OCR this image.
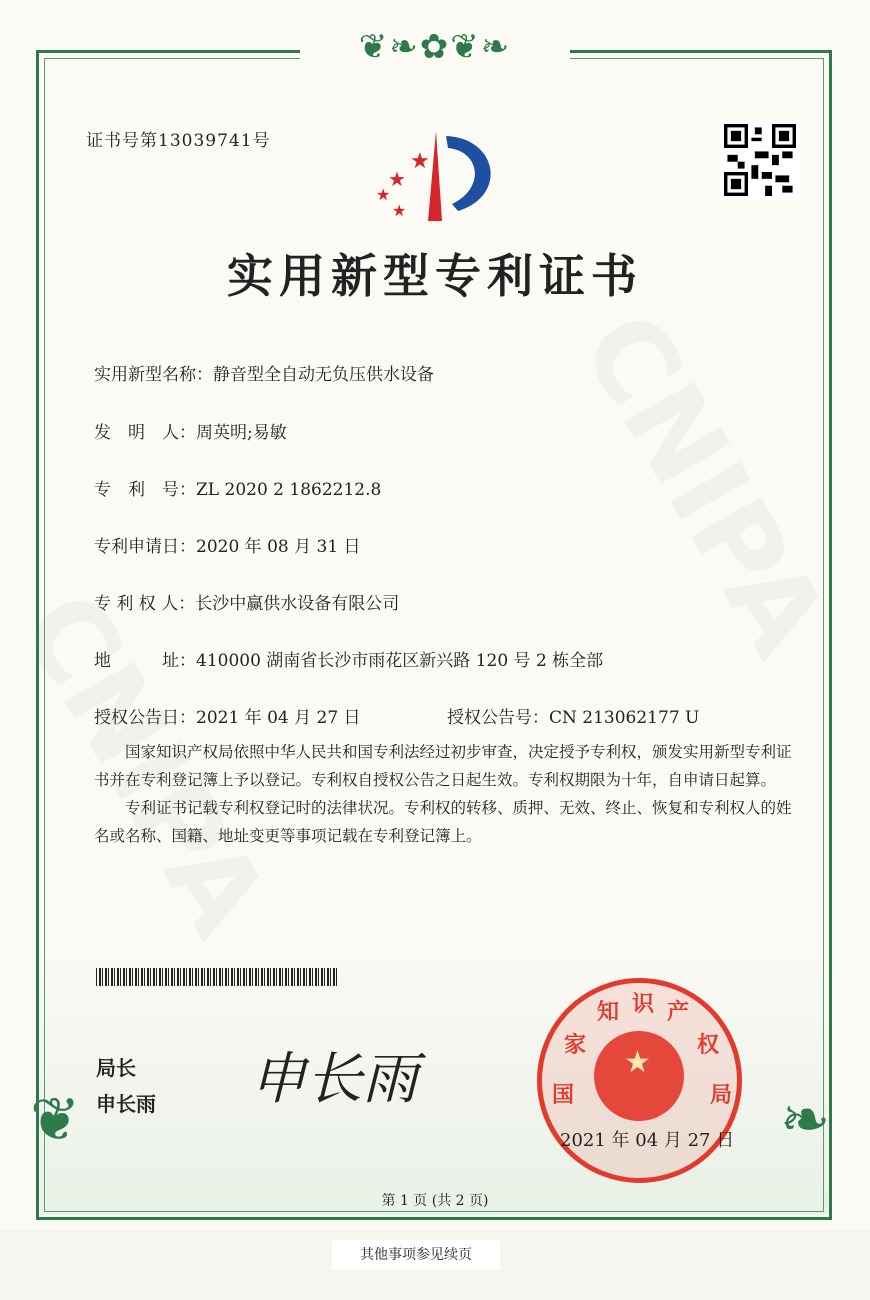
❦❧✿❦❧
❦	❧
证书号第13039741号
★
★
★
★
实用新型专利证书
实用新型名称：静音型全自动无负压供水设备
发　明　人：周英明;易敏
专　利　号：ZL 2020 2 1862212.8
专利申请日：2020 年 08 月 31 日
专 利 权 人：长沙中赢供水设备有限公司
地　　　址：410000 湖南省长沙市雨花区新兴路 120 号 2 栋全部
授权公告日：2021 年 04 月 27 日	授权公告号：CN 213062177 U

国家知识产权局依照中华人民共和国专利法经过初步审查，决定授予专利权，颁发实用新型专利证书并在专利登记簿上予以登记。专利权自授权公告之日起生效。专利权期限为十年，自申请日起算。

专利证书记载专利权登记时的法律状况。专利权的转移、质押、无效、终止、恢复和专利权人的姓名或名称、国籍、地址变更等事项记载在专利登记簿上。

局长
申长雨 申长雨	★
国
家
知 识 产
权
局
2021 年 04 月 27 日
第 1 页 (共 2 页)
其他事项参见续页
